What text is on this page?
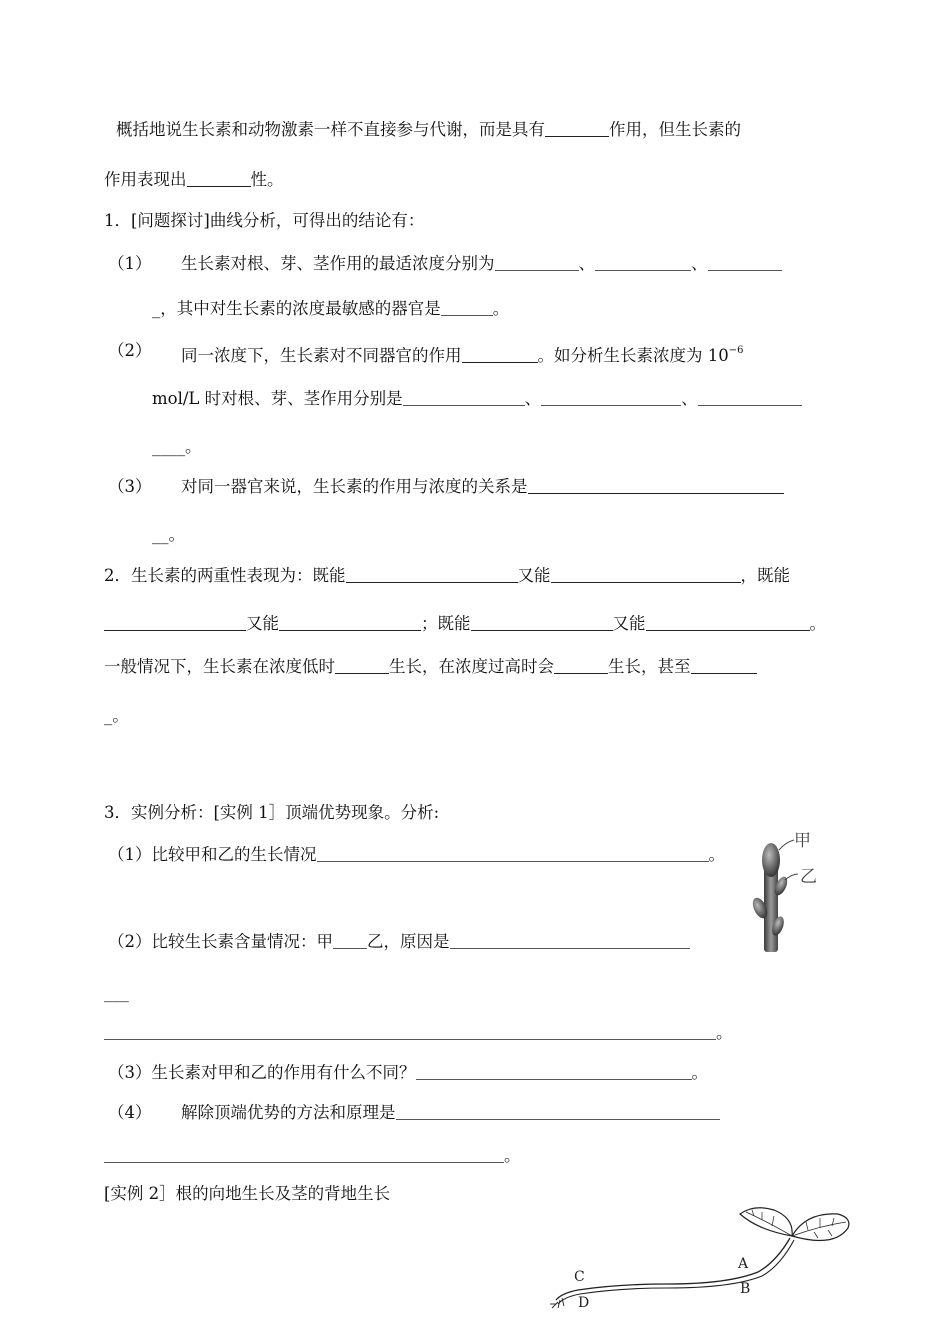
概括地说生长素和动物激素一样不直接参与代谢，而是具有	作用，但生长素的
作用表现出	性。
1．[问题探讨]曲线分析，可得出的结论有：
（1） 生长素对根、芽、茎作用的最适浓度分别为	、	、
_，其中对生长素的浓度最敏感的器官是	。
（2） 同一浓度下，生长素对不同器官的作用	。如分析生长素浓度为 $10^{-6}$
mol/L 时对根、芽、茎作用分别是	、	、
____。
（3） 对同一器官来说，生长素的作用与浓度的关系是
__。
2．生长素的两重性表现为：既能	又能	，既能
又能	；既能	又能	。
一般情况下，生长素在浓度低时	生长，在浓度过高时会	生长，甚至
_。
3．实例分析：[实例 1］顶端优势现象。分析:
（1）比较甲和乙的生长情况	。
（2）比较生长素含量情况：甲 乙，原因是
___
。
（3）生长素对甲和乙的作用有什么不同？	。
（4） 解除顶端优势的方法和原理是
。
[实例 2］根的向地生长及茎的背地生长
甲
乙
A
B
C
D
